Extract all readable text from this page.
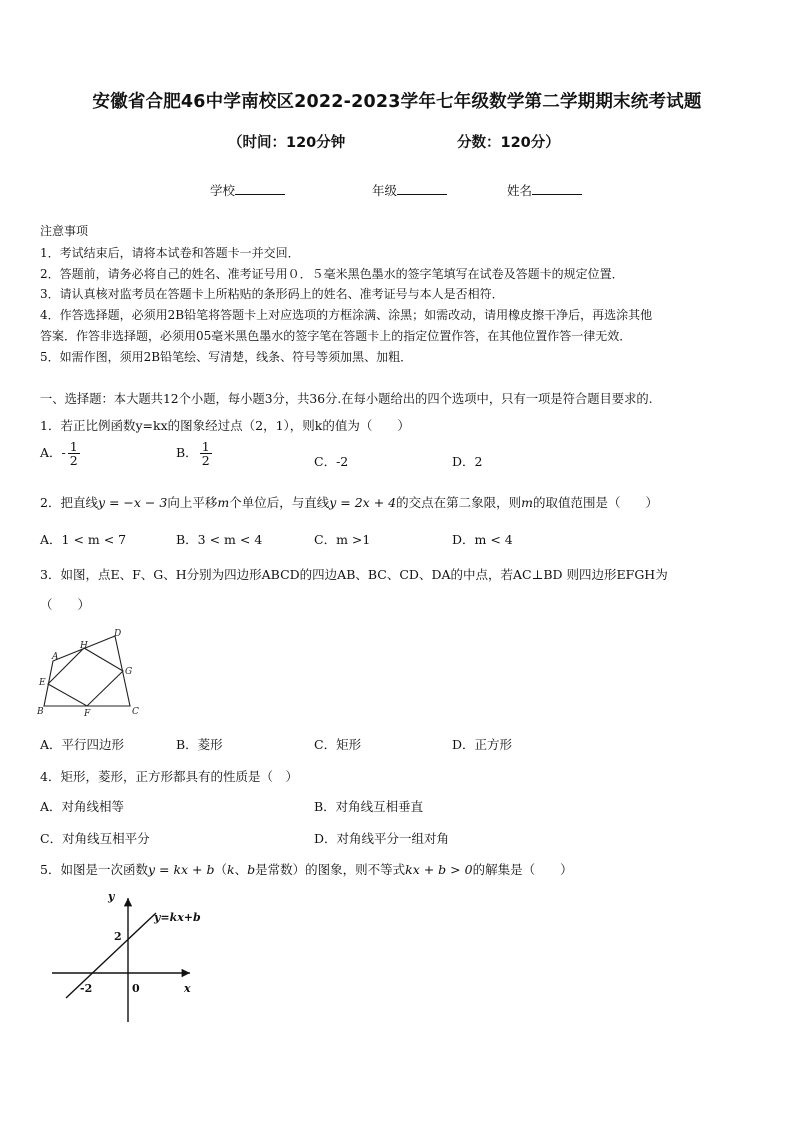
安徽省合肥46中学南校区2022-2023学年七年级数学第二学期期末统考试题
（时间：120分钟	分数：120分）
学校	年级	姓名
注意事项
1．考试结束后，请将本试卷和答题卡一并交回．
2．答题前，请务必将自己的姓名、准考证号用０．５毫米黑色墨水的签字笔填写在试卷及答题卡的规定位置．
3．请认真核对监考员在答题卡上所粘贴的条形码上的姓名、准考证号与本人是否相符．
4．作答选择题，必须用2B铅笔将答题卡上对应选项的方框涂满、涂黑；如需改动，请用橡皮擦干净后，再选涂其他
答案．作答非选择题，必须用05毫米黑色墨水的签字笔在答题卡上的指定位置作答，在其他位置作答一律无效．
5．如需作图，须用2B铅笔绘、写清楚，线条、符号等须加黑、加粗．
一、选择题：本大题共12个小题，每小题3分，共36分.在每小题给出的四个选项中，只有一项是符合题目要求的.
1．若正比例函数y=kx的图象经过点（2，1），则k的值为（　　）
A．- $\frac{1}{2}$	B． $\frac{1}{2}$	C．-2	D．2
2．把直线y = −x − 3向上平移m个单位后，与直线y = 2x + 4的交点在第二象限，则m的取值范围是（　　）
A．1 < m < 7	B．3 < m < 4	C．m >1	D．m < 4
3．如图，点E、F、G、H分别为四边形ABCD的四边AB、BC、CD、DA的中点，若AC⊥BD 则四边形EFGH为
（　　）
A
B	C
D
E
F
G
H
A．平行四边形	B．菱形	C．矩形	D．正方形
4．矩形，菱形，正方形都具有的性质是（　）
A．对角线相等	B．对角线互相垂直
C．对角线互相平分	D．对角线平分一组对角
5．如图是一次函数y = kx + b（k、b是常数）的图象，则不等式kx + b > 0的解集是（　　）
y
x
y=kx+b
2
-2	0
